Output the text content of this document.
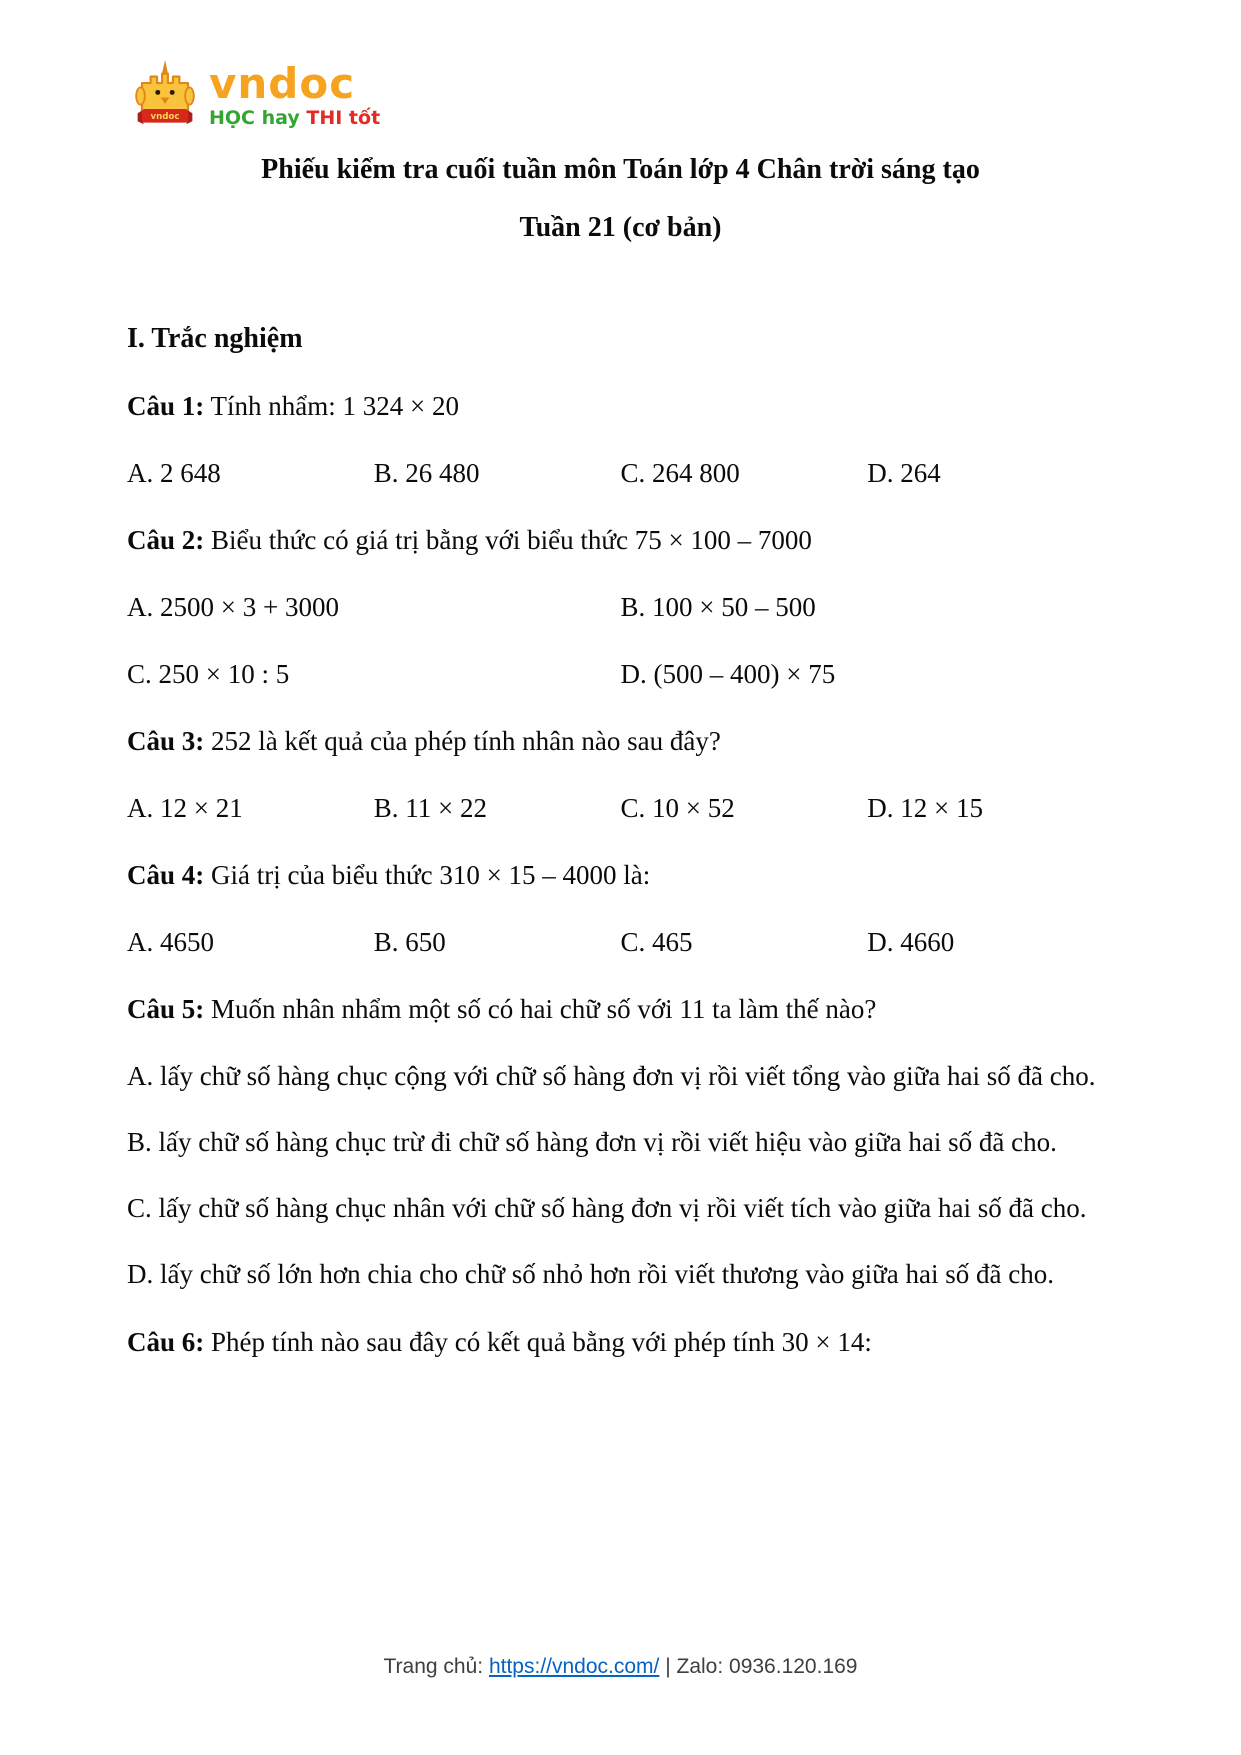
vndoc
vndoc
HỌC hay THI tốt
Phiếu kiểm tra cuối tuần môn Toán lớp 4 Chân trời sáng tạo
Tuần 21 (cơ bản)
I. Trắc nghiệm

Câu 1: Tính nhẩm: 1 324 × 20

A. 2 648	B. 26 480	C. 264 800	D. 264

Câu 2: Biểu thức có giá trị bằng với biểu thức 75 × 100 – 7000

A. 2500 × 3 + 3000	B. 100 × 50 – 500
C. 250 × 10 : 5	D. (500 – 400) × 75

Câu 3: 252 là kết quả của phép tính nhân nào sau đây?

A. 12 × 21	B. 11 × 22	C. 10 × 52	D. 12 × 15

Câu 4: Giá trị của biểu thức 310 × 15 – 4000 là:

A. 4650	B. 650	C. 465	D. 4660

Câu 5: Muốn nhân nhẩm một số có hai chữ số với 11 ta làm thế nào?

A. lấy chữ số hàng chục cộng với chữ số hàng đơn vị rồi viết tổng vào giữa hai số đã cho.

B. lấy chữ số hàng chục trừ đi chữ số hàng đơn vị rồi viết hiệu vào giữa hai số đã cho.

C. lấy chữ số hàng chục nhân với chữ số hàng đơn vị rồi viết tích vào giữa hai số đã cho.

D. lấy chữ số lớn hơn chia cho chữ số nhỏ hơn rồi viết thương vào giữa hai số đã cho.

Câu 6: Phép tính nào sau đây có kết quả bằng với phép tính 30 × 14:

Trang chủ: https://vndoc.com/ | Zalo: 0936.120.169
